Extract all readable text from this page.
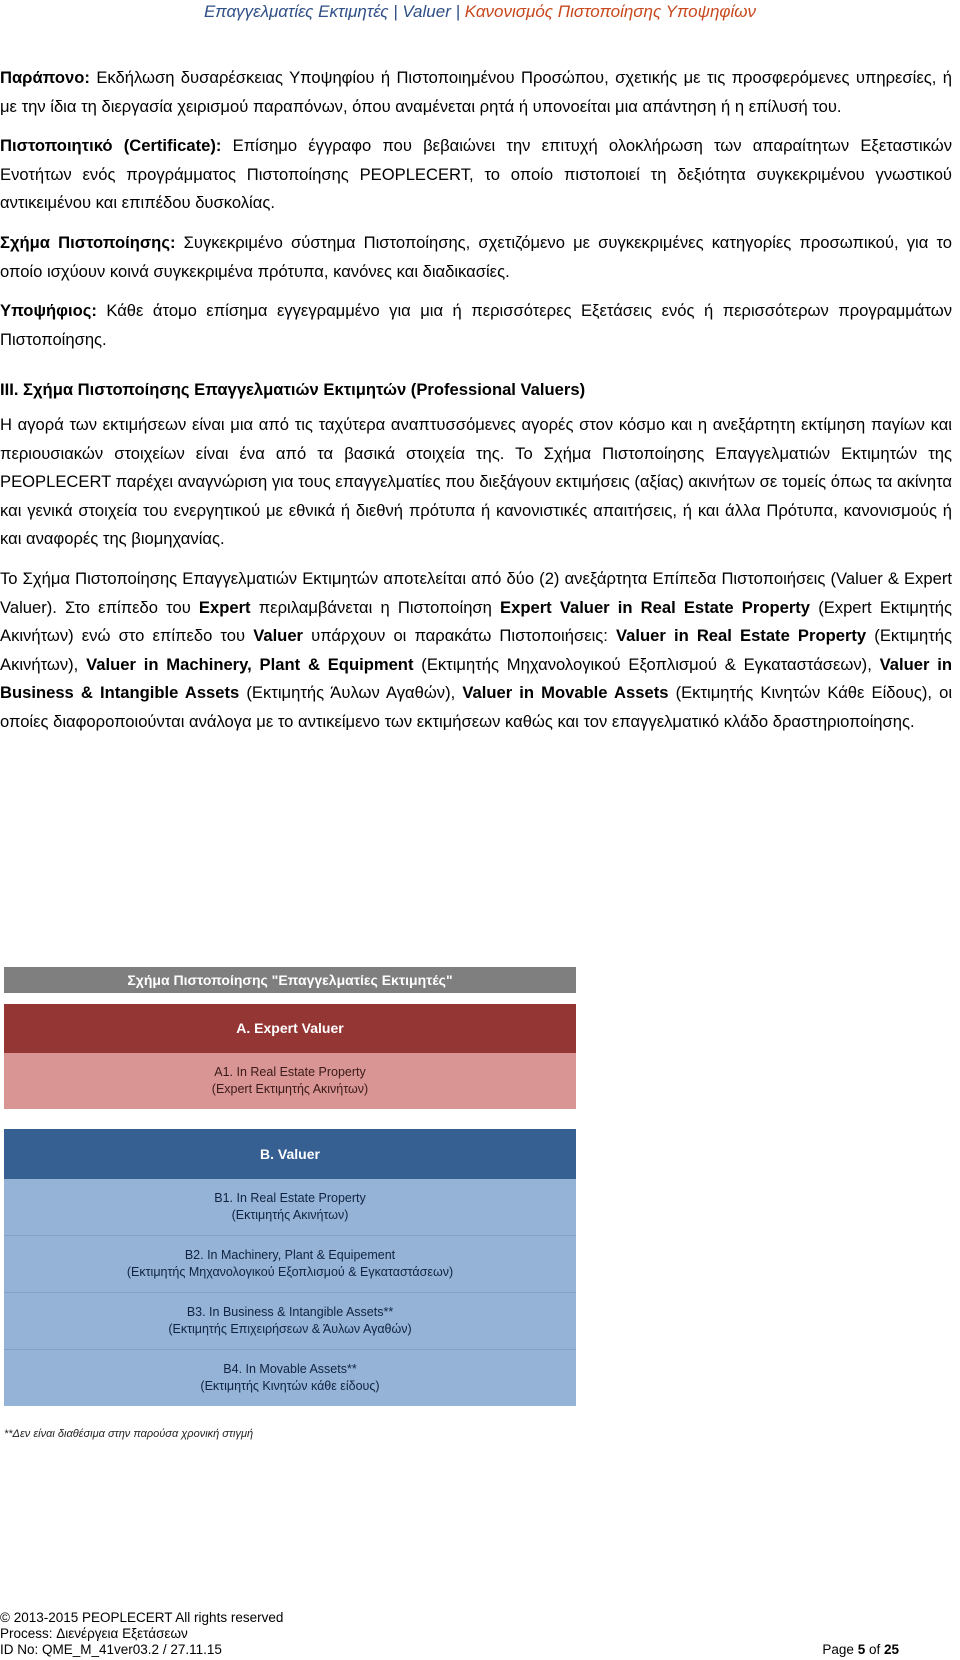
Επαγγελματίες Εκτιμητές | Valuer | Κανονισμός Πιστοποίησης Υποψηφίων

Παράπονο: Εκδήλωση δυσαρέσκειας Υποψηφίου ή Πιστοποιημένου Προσώπου, σχετικής με τις προσφερόμενες υπηρεσίες, ή με την ίδια τη διεργασία χειρισμού παραπόνων, όπου αναμένεται ρητά ή υπονοείται μια απάντηση ή η επίλυσή του.

Πιστοποιητικό (Certificate): Επίσημο έγγραφο που βεβαιώνει την επιτυχή ολοκλήρωση των απαραίτητων Εξεταστικών Ενοτήτων ενός προγράμματος Πιστοποίησης PEOPLECERT, το οποίο πιστοποιεί τη δεξιότητα συγκεκριμένου γνωστικού αντικειμένου και επιπέδου δυσκολίας.

Σχήμα Πιστοποίησης: Συγκεκριμένο σύστημα Πιστοποίησης, σχετιζόμενο με συγκεκριμένες κατηγορίες προσωπικού, για το οποίο ισχύουν κοινά συγκεκριμένα πρότυπα, κανόνες και διαδικασίες.

Υποψήφιος: Κάθε άτομο επίσημα εγγεγραμμένο για μια ή περισσότερες Εξετάσεις ενός ή περισσότερων προγραμμάτων Πιστοποίησης.

III. Σχήμα Πιστοποίησης Επαγγελματιών Εκτιμητών (Professional Valuers)

Η αγορά των εκτιμήσεων είναι μια από τις ταχύτερα αναπτυσσόμενες αγορές στον κόσμο και η ανεξάρτητη εκτίμηση παγίων και περιουσιακών στοιχείων είναι ένα από τα βασικά στοιχεία της. Το Σχήμα Πιστοποίησης Επαγγελματιών Εκτιμητών της PEOPLECERT παρέχει αναγνώριση για τους επαγγελματίες που διεξάγουν εκτιμήσεις (αξίας) ακινήτων σε τομείς όπως τα ακίνητα και γενικά στοιχεία του ενεργητικού με εθνικά ή διεθνή πρότυπα ή κανονιστικές απαιτήσεις, ή και άλλα Πρότυπα, κανονισμούς ή και αναφορές της βιομηχανίας.

Το Σχήμα Πιστοποίησης Επαγγελματιών Εκτιμητών αποτελείται από δύο (2) ανεξάρτητα Επίπεδα Πιστοποιήσεις (Valuer & Expert Valuer). Στο επίπεδο του Expert περιλαμβάνεται η Πιστοποίηση Expert Valuer in Real Estate Property (Expert Εκτιμητής Ακινήτων) ενώ στο επίπεδο του Valuer υπάρχουν οι παρακάτω Πιστοποιήσεις: Valuer in Real Estate Property (Εκτιμητής Ακινήτων), Valuer in Machinery, Plant & Equipment (Εκτιμητής Μηχανολογικού Εξοπλισμού & Εγκαταστάσεων), Valuer in Business & Intangible Assets (Εκτιμητής Άυλων Αγαθών), Valuer in Movable Assets (Εκτιμητής Κινητών Κάθε Είδους), οι οποίες διαφοροποιούνται ανάλογα με το αντικείμενο των εκτιμήσεων καθώς και τον επαγγελματικό κλάδο δραστηριοποίησης.

Σχήμα Πιστοποίησης "Επαγγελματίες Εκτιμητές"
A. Expert Valuer
A1. In Real Estate Property
(Expert Εκτιμητής Ακινήτων)
B. Valuer
B1. In Real Estate Property
(Εκτιμητής Ακινήτων)
B2. In Machinery, Plant & Equipement
(Εκτιμητής Μηχανολογικού Εξοπλισμού & Εγκαταστάσεων)
B3. In Business & Intangible Assets**
(Εκτιμητής Επιχειρήσεων & Άυλων Αγαθών)
B4. In Movable Assets**
(Εκτιμητής Κινητών κάθε είδους)
**Δεν είναι διαθέσιμα στην παρούσα χρονική στιγμή
© 2013-2015 PEOPLECERT All rights reserved
Process: Διενέργεια Εξετάσεων
ID No: QME_M_41ver03.2 / 27.11.15	Page 5 of 25
